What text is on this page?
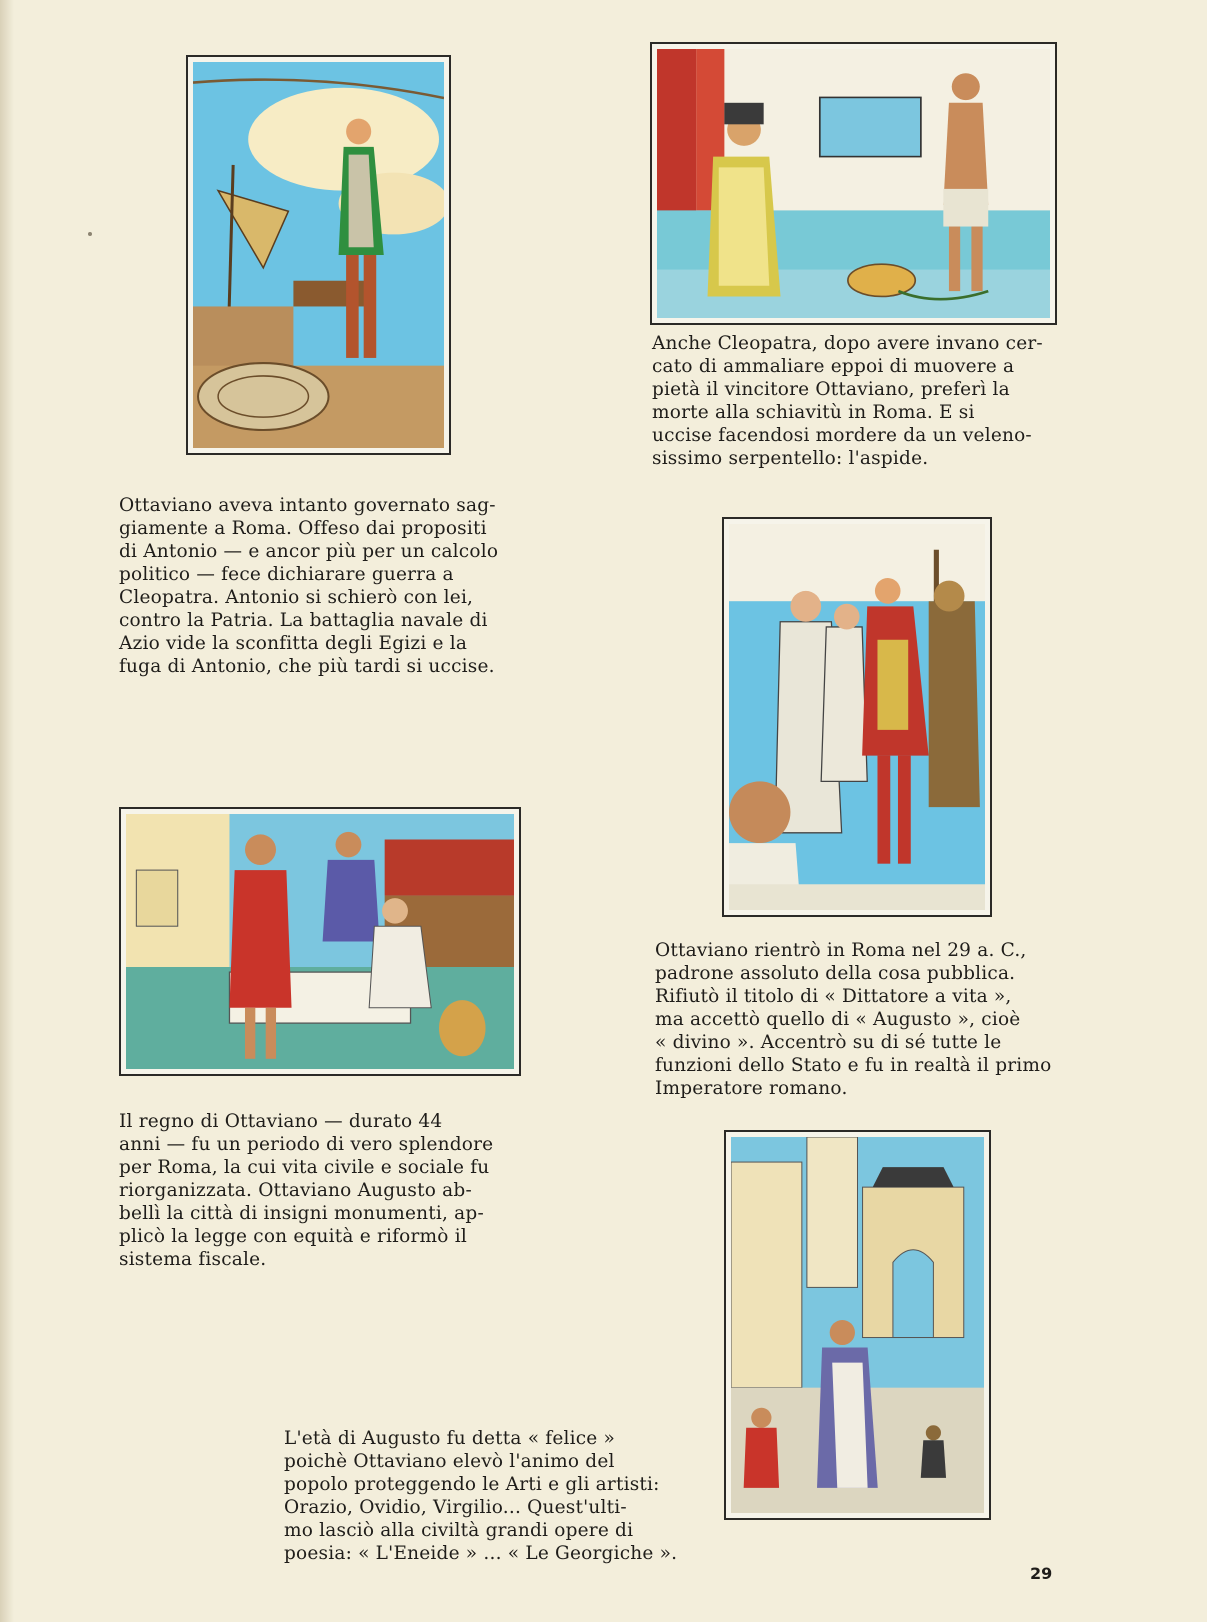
Ottaviano aveva intanto governato sag-
giamente a Roma. Offeso dai propositi
di Antonio — e ancor più per un calcolo
politico — fece dichiarare guerra a
Cleopatra. Antonio si schierò con lei,
contro la Patria. La battaglia navale di
Azio vide la sconfitta degli Egizi e la
fuga di Antonio, che più tardi si uccise.
Anche Cleopatra, dopo avere invano cer-
cato di ammaliare eppoi di muovere a
pietà il vincitore Ottaviano, preferì la
morte alla schiavitù in Roma. E si
uccise facendosi mordere da un veleno-
sissimo serpentello: l'aspide.
Ottaviano rientrò in Roma nel 29 a. C.,
padrone assoluto della cosa pubblica.
Rifiutò il titolo di « Dittatore a vita »,
ma accettò quello di « Augusto », cioè
« divino ». Accentrò su di sé tutte le
funzioni dello Stato e fu in realtà il primo
Imperatore romano.
Il regno di Ottaviano — durato 44
anni — fu un periodo di vero splendore
per Roma, la cui vita civile e sociale fu
riorganizzata. Ottaviano Augusto ab-
bellì la città di insigni monumenti, ap-
plicò la legge con equità e riformò il
sistema fiscale.
L'età di Augusto fu detta « felice »
poichè Ottaviano elevò l'animo del
popolo proteggendo le Arti e gli artisti:
Orazio, Ovidio, Virgilio... Quest'ulti-
mo lasciò alla civiltà grandi opere di
poesia: « L'Eneide » ... « Le Georgiche ».
29
